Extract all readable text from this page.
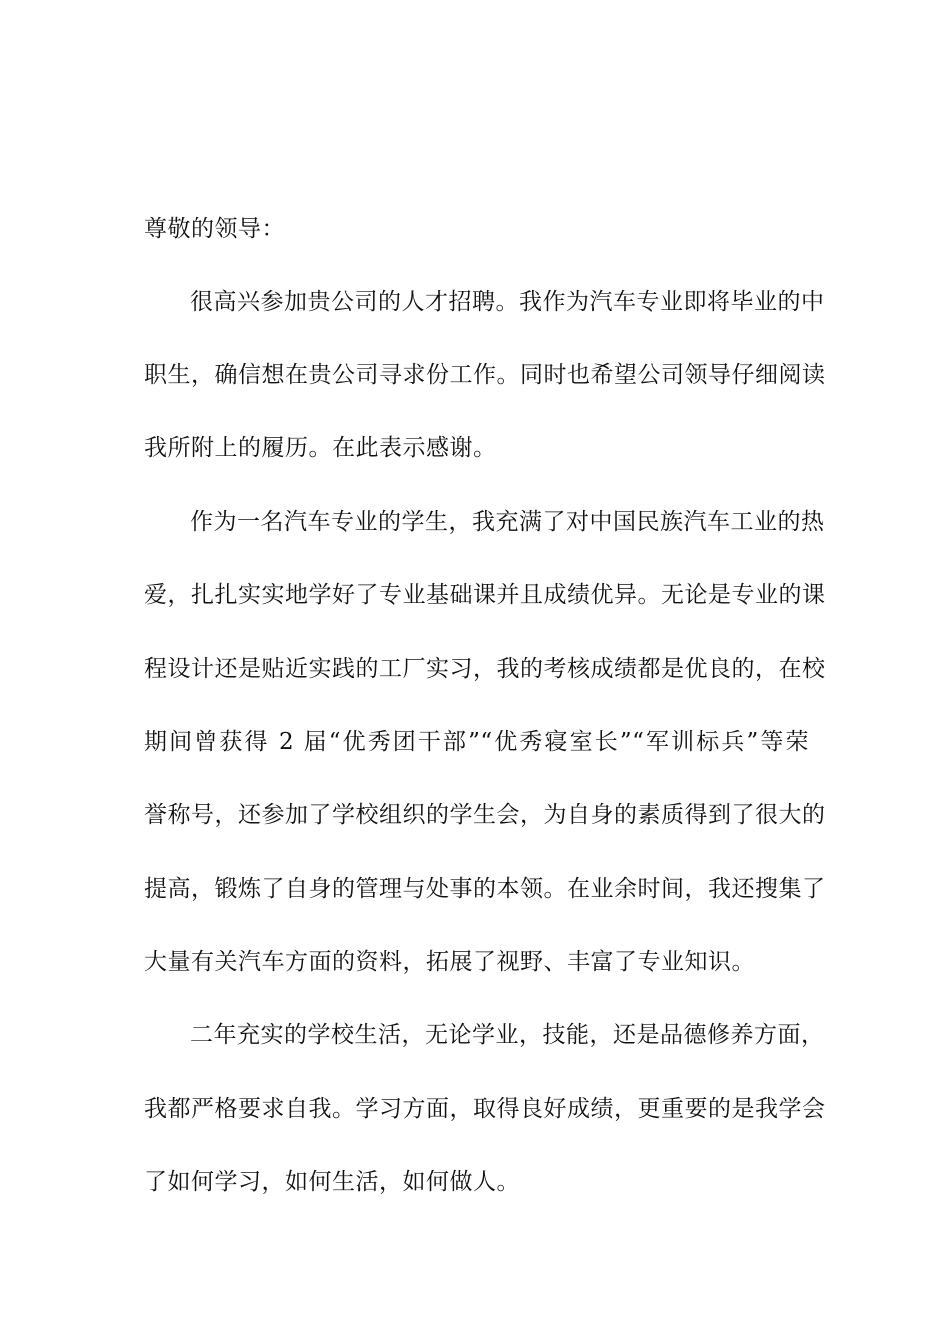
尊敬的领导：
很高兴参加贵公司的人才招聘。我作为汽车专业即将毕业的中
职生，确信想在贵公司寻求份工作。同时也希望公司领导仔细阅读
我所附上的履历。在此表示感谢。
作为一名汽车专业的学生，我充满了对中国民族汽车工业的热
爱，扎扎实实地学好了专业基础课并且成绩优异。无论是专业的课
程设计还是贴近实践的工厂实习，我的考核成绩都是优良的，在校
期间曾获得 2 届“优秀团干部”“优秀寝室长”“军训标兵”等荣
誉称号，还参加了学校组织的学生会，为自身的素质得到了很大的
提高，锻炼了自身的管理与处事的本领。在业余时间，我还搜集了
大量有关汽车方面的资料，拓展了视野、丰富了专业知识。
二年充实的学校生活，无论学业，技能，还是品德修养方面，
我都严格要求自我。学习方面，取得良好成绩，更重要的是我学会
了如何学习，如何生活，如何做人。
